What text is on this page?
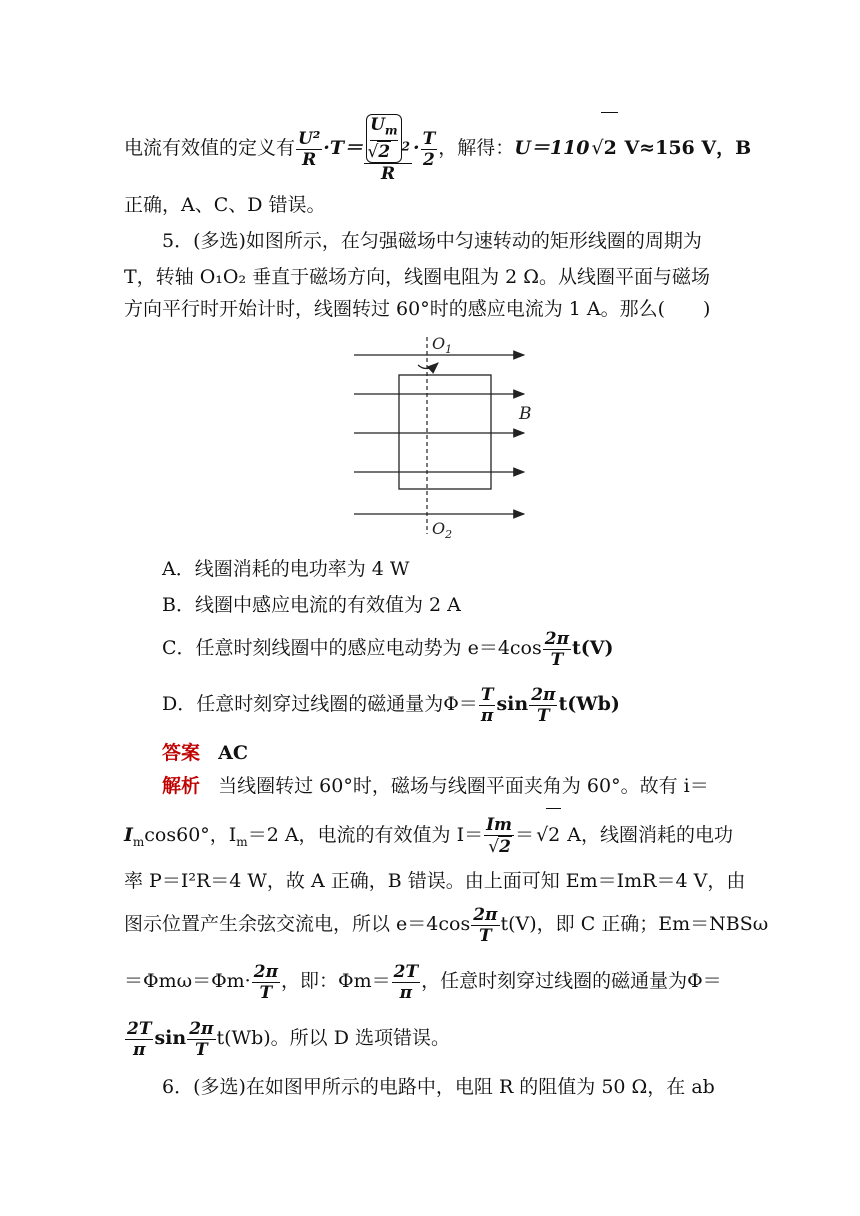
电流有效值的定义有 $\frac{\text{U²}}{R} \cdot T= U_m$
√ 2 $^2$
$R \cdot \frac{T}{2}$ ，解得：U＝110 √ 2 V≈156 V，B
正确，A、C、D 错误。
5．(多选)如图所示，在匀强磁场中匀速转动的矩形线圈的周期为
T，转轴 O₁O₂ 垂直于磁场方向，线圈电阻为 2 Ω。从线圈平面与磁场
方向平行时开始计时，线圈转过 60°时的感应电流为 1 A。那么(　　)
$O_1$
$O_2$
B
A．线圈消耗的电功率为 4 W
B．线圈中感应电流的有效值为 2 A
C．任意时刻线圈中的感应电动势为 $e=4\cos \frac{2\pi}{T} t(V)$
D．任意时刻穿过线圈的磁通量为$\Phi= \frac{T}{\pi}$ $\sin \frac{2\pi}{T} t(Wb)$
答案 AC
解析 当线圈转过 60°时，磁场与线圈平面夹角为 60°。故有 i＝
$I_m\cos 60^\circ$，$I_m=2$ A，电流的有效值为 I＝ Im
√ 2 ＝ √ 2 A，线圈消耗的电功
率 P＝I²R＝4 W，故 A 正确，B 错误。由上面可知 Em＝ImR＝4 V，由
图示位置产生余弦交流电，所以 $e=4\cos \frac{2\pi}{T} t(V)$，即 C 正确；Em＝NBSω
$=\Phi m\omega=\Phi m\cdot \frac{2\pi}{T}$ ，即：$\Phi m= \frac{2T}{\pi}$ ，任意时刻穿过线圈的磁通量为Φ＝
$\frac{2T}{\pi}$ $\sin \frac{2\pi}{T} t(Wb)$。所以 D 选项错误。
6．(多选)在如图甲所示的电路中，电阻 R 的阻值为 50 Ω，在 ab
